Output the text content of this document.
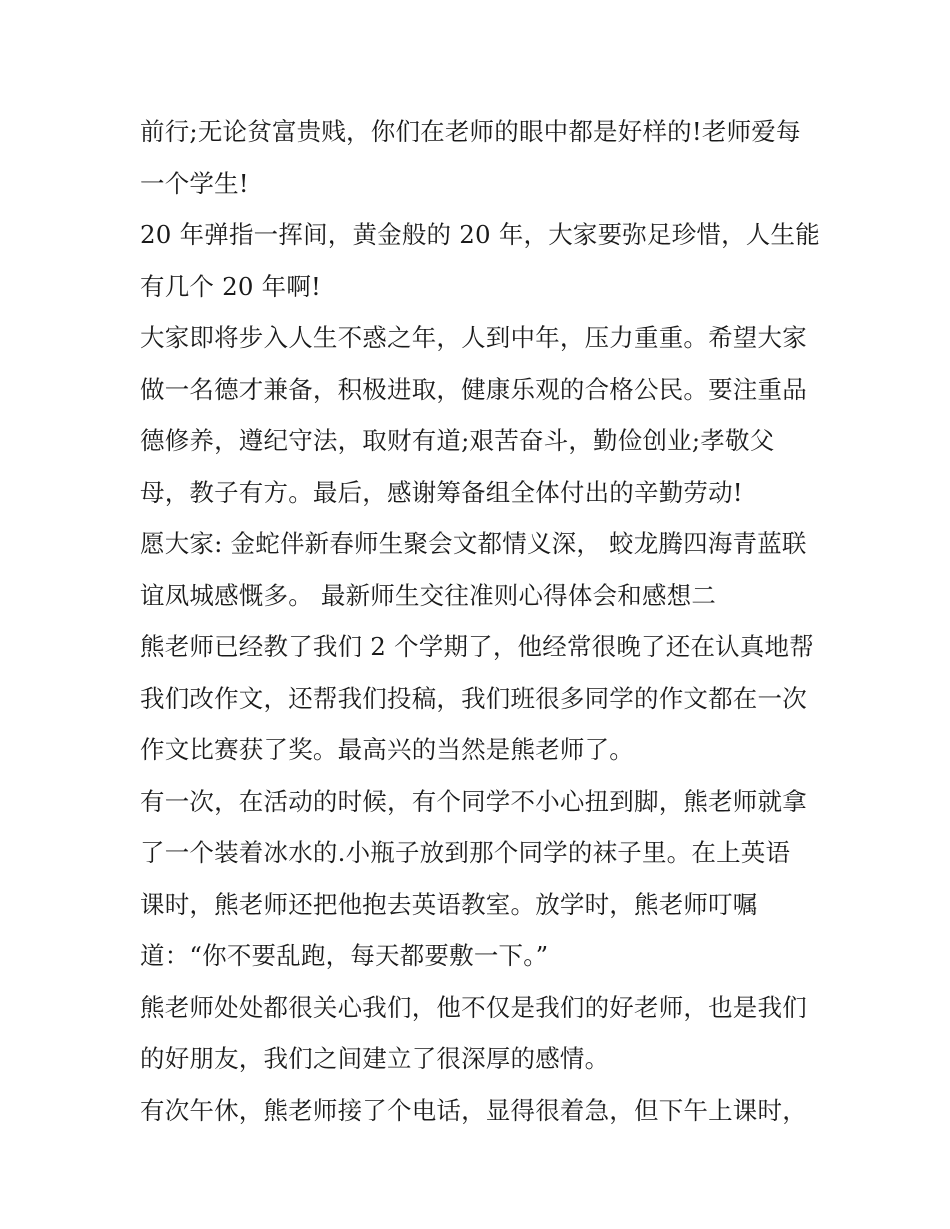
前行;无论贫富贵贱，你们在老师的眼中都是好样的!老师爱每
一个学生!
20 年弹指一挥间，黄金般的 20 年，大家要弥足珍惜，人生能
有几个 20 年啊!
大家即将步入人生不惑之年，人到中年，压力重重。希望大家
做一名德才兼备，积极进取，健康乐观的合格公民。要注重品
德修养，遵纪守法，取财有道;艰苦奋斗，勤俭创业;孝敬父
母，教子有方。最后，感谢筹备组全体付出的辛勤劳动!
愿大家: 金蛇伴新春师生聚会文都情义深， 蛟龙腾四海青蓝联
谊凤城感慨多。 最新师生交往准则心得体会和感想二
熊老师已经教了我们 2 个学期了，他经常很晚了还在认真地帮
我们改作文，还帮我们投稿，我们班很多同学的作文都在一次
作文比赛获了奖。最高兴的当然是熊老师了。
有一次，在活动的时候，有个同学不小心扭到脚，熊老师就拿
了一个装着冰水的.小瓶子放到那个同学的袜子里。在上英语
课时，熊老师还把他抱去英语教室。放学时，熊老师叮嘱
道：“你不要乱跑，每天都要敷一下。”
熊老师处处都很关心我们，他不仅是我们的好老师，也是我们
的好朋友，我们之间建立了很深厚的感情。
有次午休，熊老师接了个电话，显得很着急，但下午上课时，
